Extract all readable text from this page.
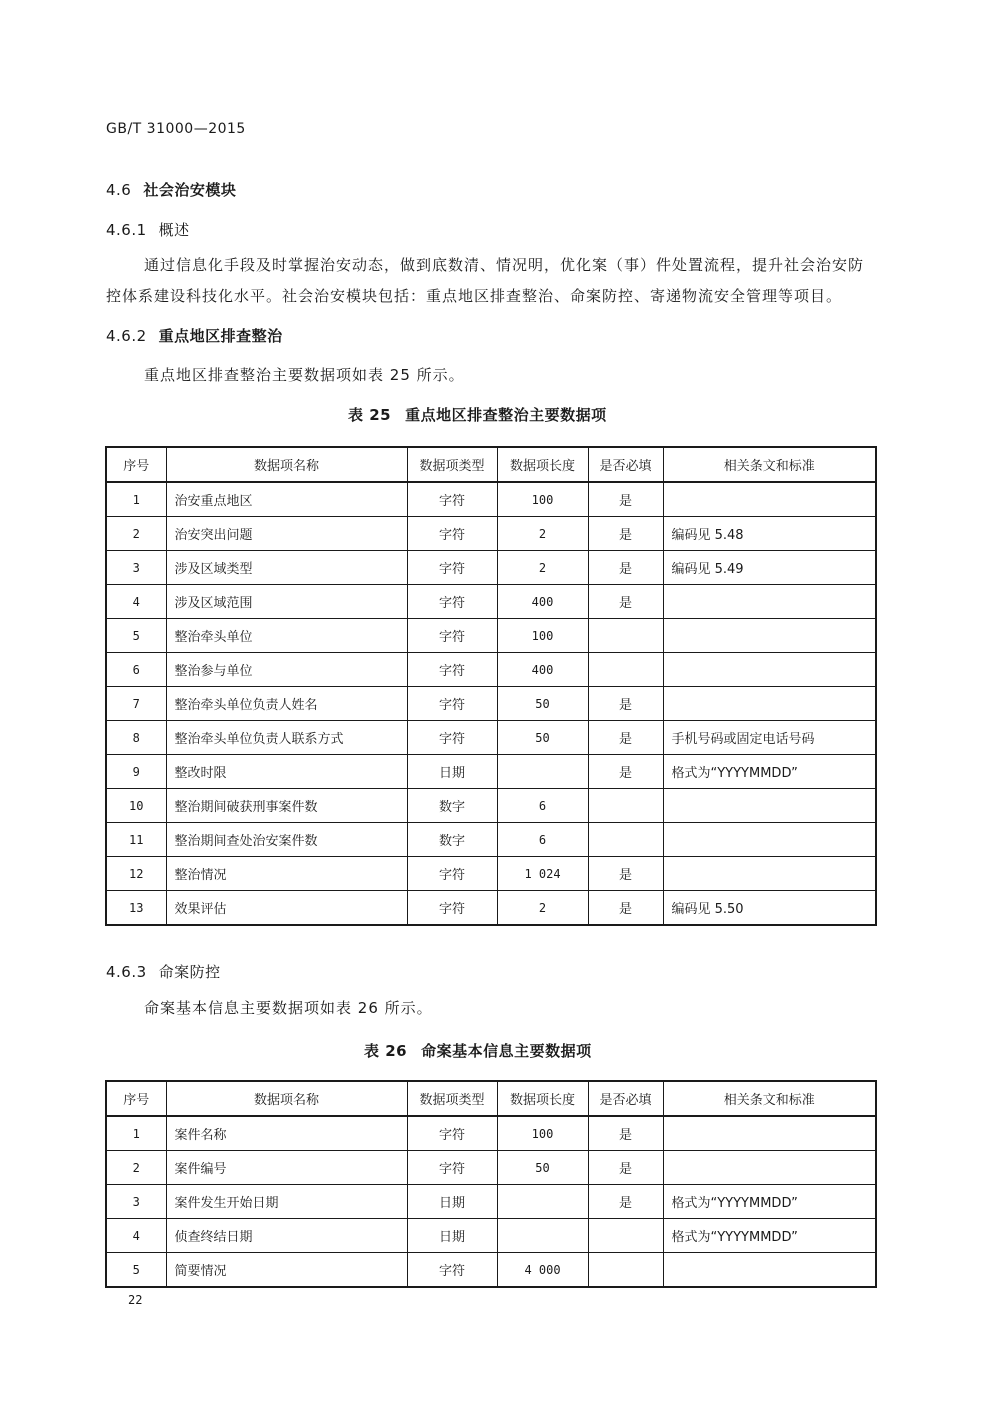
GB/T 31000—2015
4.6 社会治安模块
4.6.1 概述
通过信息化手段及时掌握治安动态，做到底数清、情况明，优化案（事）件处置流程，提升社会治安防
控体系建设科技化水平。社会治安模块包括：重点地区排查整治、命案防控、寄递物流安全管理等项目。
4.6.2 重点地区排查整治
重点地区排查整治主要数据项如表 25 所示。
表 25 重点地区排查整治主要数据项
序号	数据项名称	数据项类型	数据项长度	是否必填	相关条文和标准
1	治安重点地区	字符	100	是	
2	治安突出问题	字符	2	是	编码见 5.48
3	涉及区域类型	字符	2	是	编码见 5.49
4	涉及区域范围	字符	400	是	
5	整治牵头单位	字符	100		
6	整治参与单位	字符	400		
7	整治牵头单位负责人姓名	字符	50	是	
8	整治牵头单位负责人联系方式	字符	50	是	手机号码或固定电话号码
9	整改时限	日期		是	格式为“YYYYMMDD”
10	整治期间破获刑事案件数	数字	6		
11	整治期间查处治安案件数	数字	6		
12	整治情况	字符	1 024	是	
13	效果评估	字符	2	是	编码见 5.50
4.6.3 命案防控
命案基本信息主要数据项如表 26 所示。
表 26 命案基本信息主要数据项
序号	数据项名称	数据项类型	数据项长度	是否必填	相关条文和标准
1	案件名称	字符	100	是	
2	案件编号	字符	50	是	
3	案件发生开始日期	日期		是	格式为“YYYYMMDD”
4	侦查终结日期	日期			格式为“YYYYMMDD”
5	简要情况	字符	4 000		
22
